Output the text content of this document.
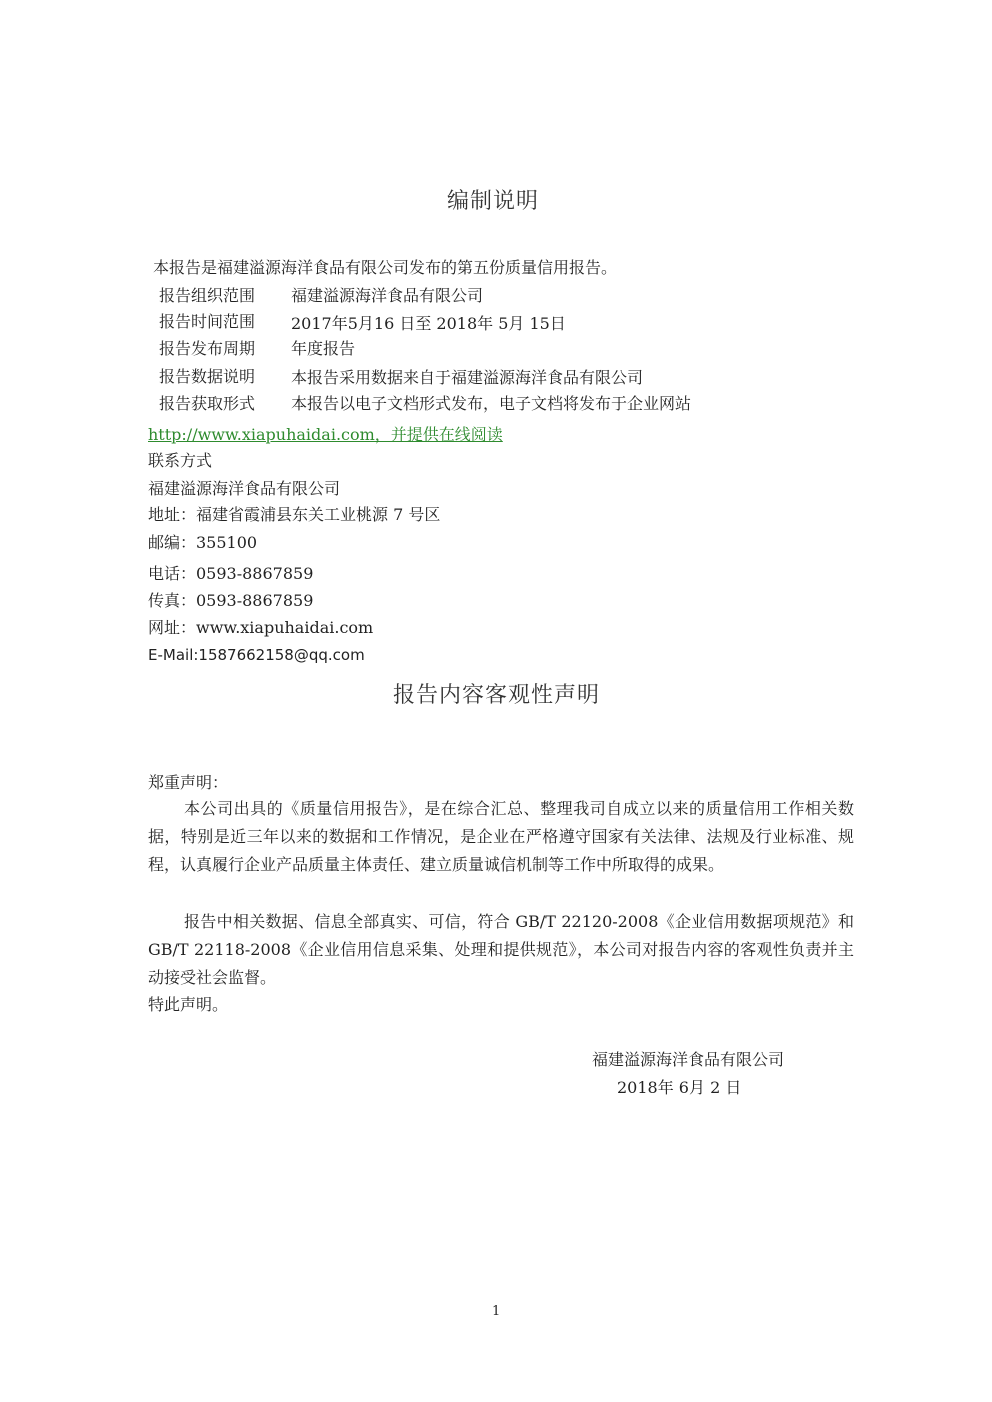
编制说明
本报告是福建溢源海洋食品有限公司发布的第五份质量信用报告。
报告组织范围 福建溢源海洋食品有限公司
报告时间范围 2017年5月16 日至 2018年 5月 15日
报告发布周期 年度报告
报告数据说明 本报告采用数据来自于福建溢源海洋食品有限公司
报告获取形式 本报告以电子文档形式发布，电子文档将发布于企业网站
http://www.xiapuhaidai.com，并提供在线阅读
联系方式
福建溢源海洋食品有限公司
地址：福建省霞浦县东关工业桃源 7 号区
邮编：355100
电话：0593-8867859
传真：0593-8867859
网址：www.xiapuhaidai.com
E-Mail:1587662158@qq.com
报告内容客观性声明
郑重声明：
本公司出具的《质量信用报告》，是在综合汇总、整理我司自成立以来的质量信用工作相关数据，特别是近三年以来的数据和工作情况，是企业在严格遵守国家有关法律、法规及行业标准、规程，认真履行企业产品质量主体责任、建立质量诚信机制等工作中所取得的成果。
报告中相关数据、信息全部真实、可信，符合 GB/T 22120-2008《企业信用数据项规范》和 GB/T 22118-2008《企业信用信息采集、处理和提供规范》，本公司对报告内容的客观性负责并主动接受社会监督。
特此声明。
福建溢源海洋食品有限公司
2018年 6月 2 日
1
